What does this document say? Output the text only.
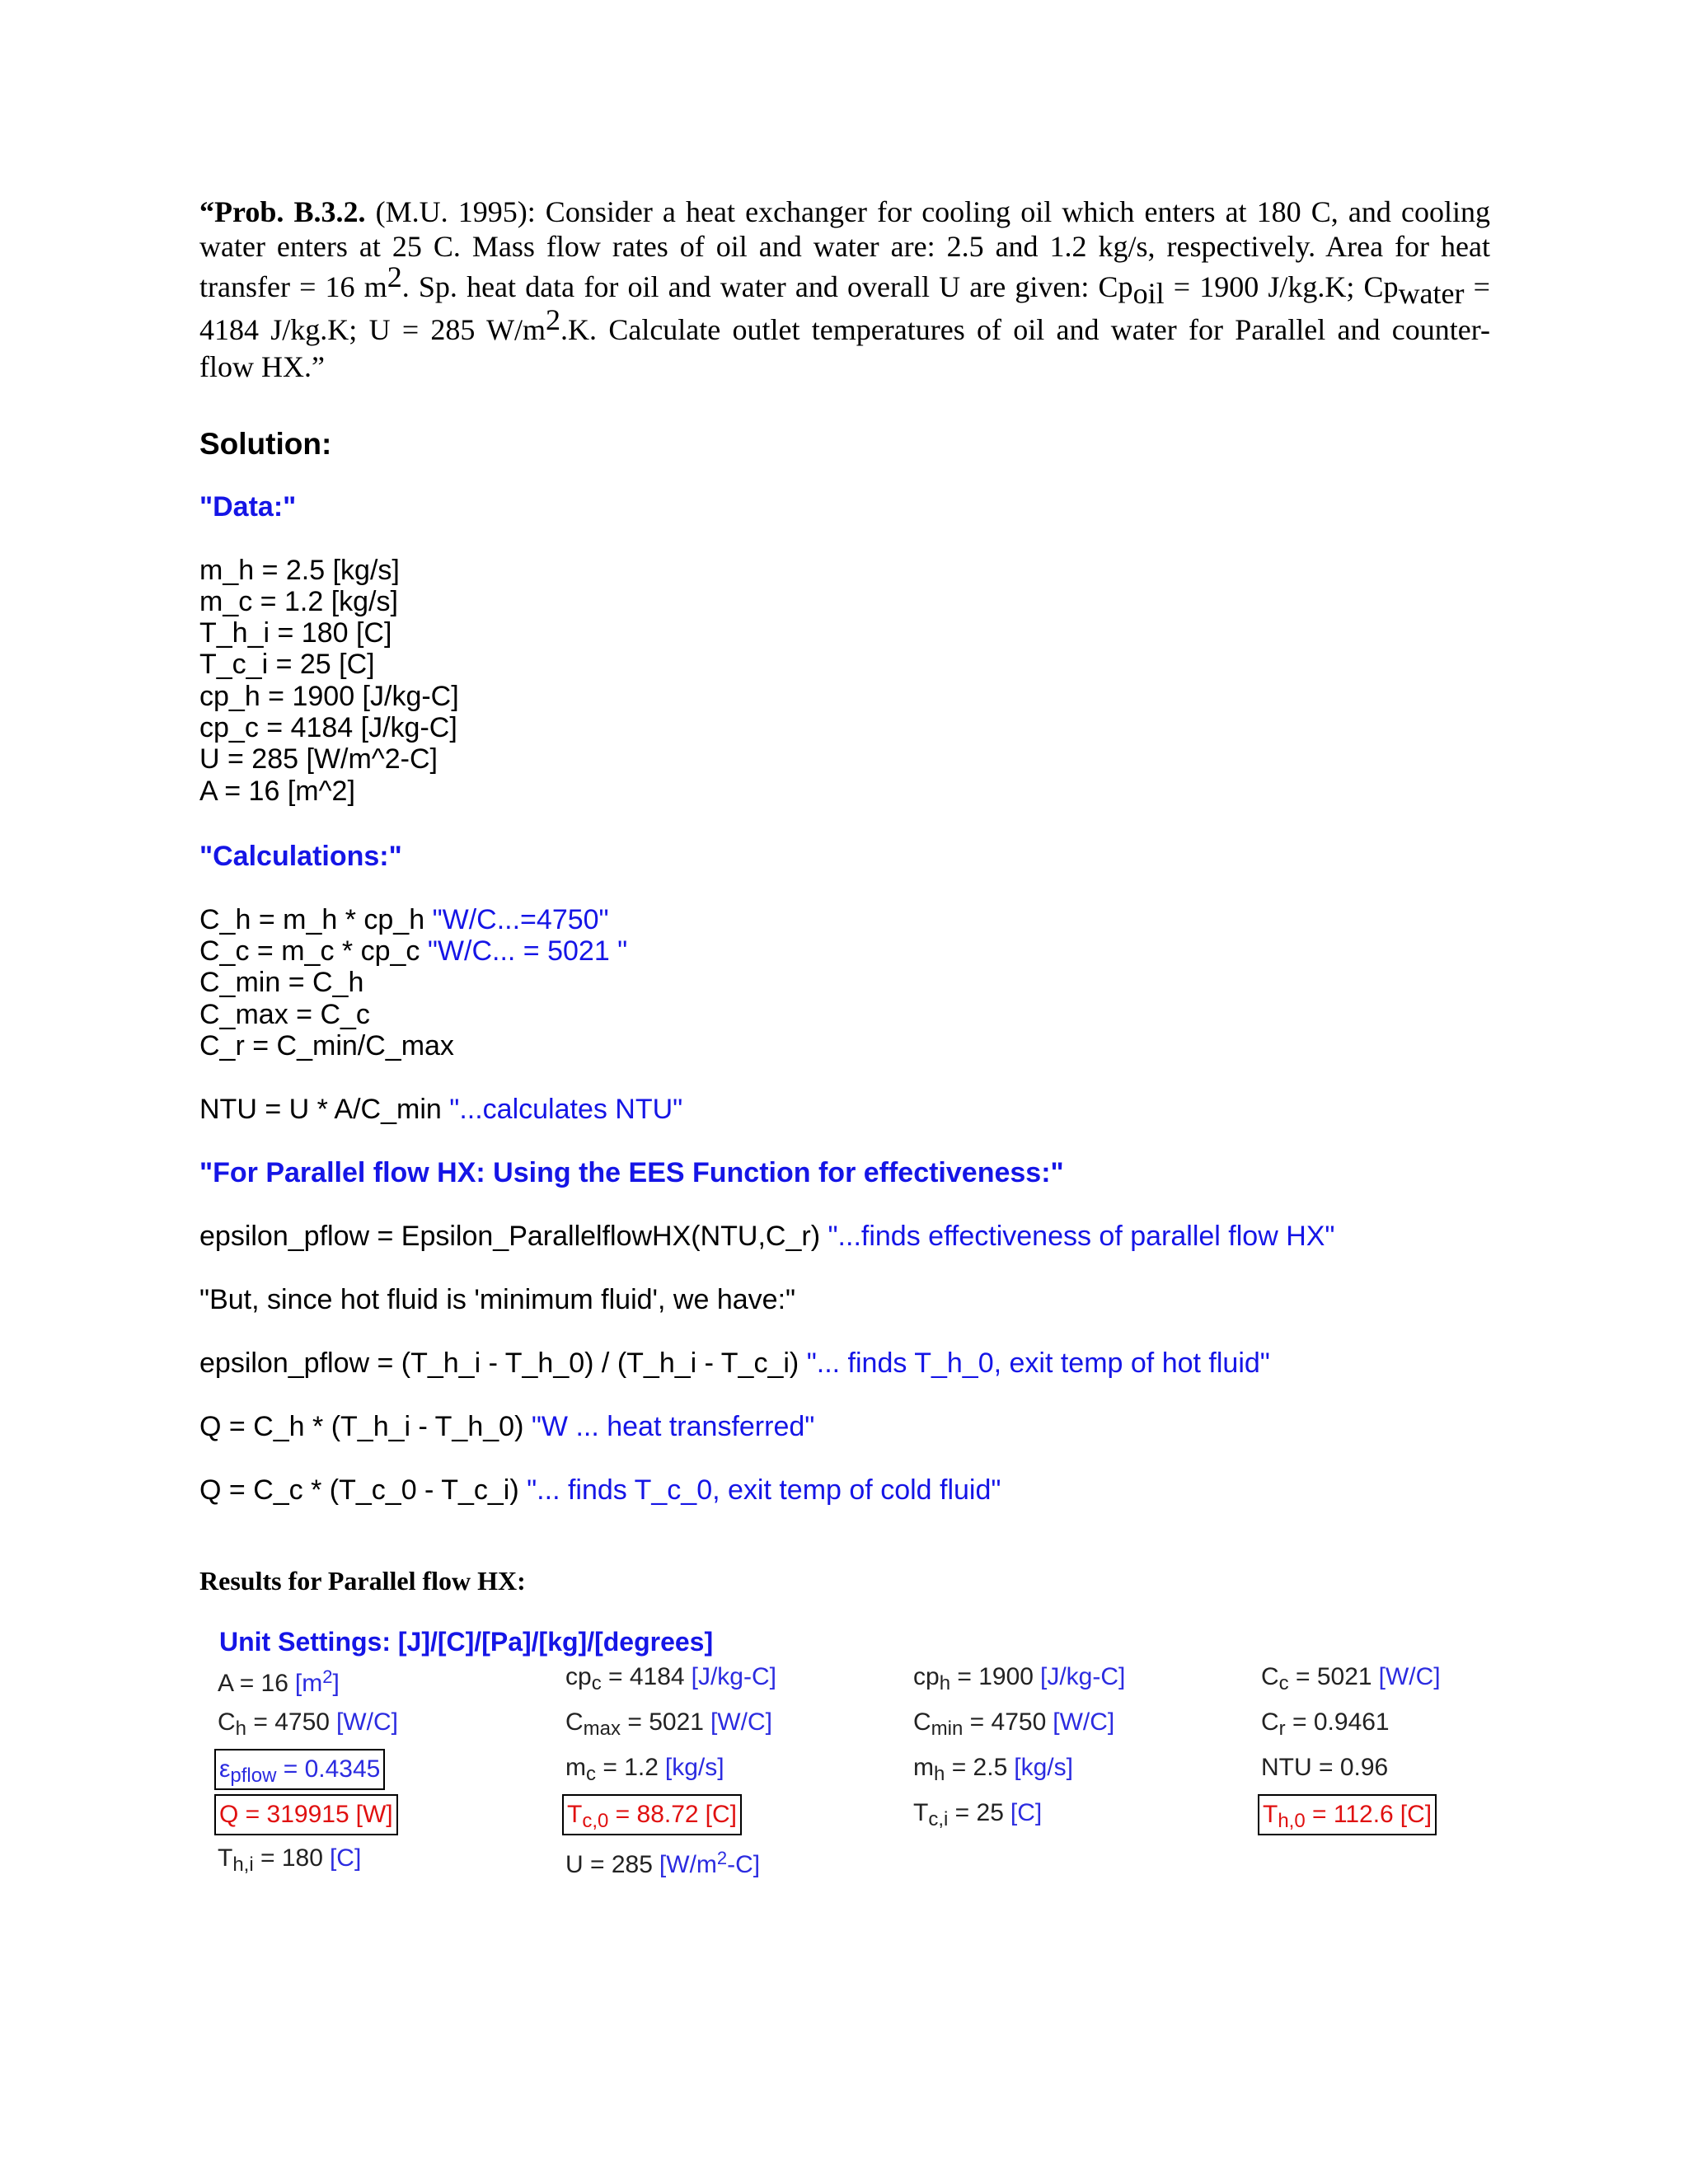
“Prob. B.3.2. (M.U. 1995): Consider a heat exchanger for cooling oil which enters at 180 C, and cooling
water enters at 25 C. Mass flow rates of oil and water are: 2.5 and 1.2 kg/s, respectively. Area for heat
transfer = 16 $m^2$. Sp. heat data for oil and water and overall U are given: $Cp_{oil} = 1900$ J/kg.K; $Cp_{water}$ =
4184 J/kg.K; U = 285 $W/m^2.K$. Calculate outlet temperatures of oil and water for Parallel and counter-
flow HX.”
Solution:
"Data:"
m_h = 2.5 [kg/s]
m_c = 1.2 [kg/s]
T_h_i = 180 [C]
T_c_i = 25 [C]
cp_h = 1900 [J/kg-C]
cp_c = 4184 [J/kg-C]
U = 285 [W/m^2-C]
A = 16 [m^2]
"Calculations:"
C_h = m_h * cp_h "W/C...=4750"
C_c = m_c * cp_c "W/C... = 5021 "
C_min = C_h
C_max = C_c
C_r = C_min/C_max
NTU = U * A/C_min "...calculates NTU"
"For Parallel flow HX: Using the EES Function for effectiveness:"
epsilon_pflow = Epsilon_ParallelflowHX(NTU,C_r) "...finds effectiveness of parallel flow HX"
"But, since hot fluid is 'minimum fluid', we have:"
epsilon_pflow = (T_h_i - T_h_0) / (T_h_i - T_c_i) "... finds T_h_0, exit temp of hot fluid"
Q = C_h * (T_h_i - T_h_0) "W ... heat transferred"
Q = C_c * (T_c_0 - T_c_i) "... finds T_c_0, exit temp of cold fluid"
Results for Parallel flow HX:
Unit Settings: [J]/[C]/[Pa]/[kg]/[degrees]
A = 16 $[m^2]$	$cp_c = 4184$ [J/kg-C]	$cp_h = 1900$ [J/kg-C]	$C_c = 5021$ [W/C]
$C_h = 4750$ [W/C]	$C_{max} = 5021$ [W/C]	$C_{min} = 4750$ [W/C]	$C_r = 0.9461$
$\varepsilon_{pflow} = 0.4345$	$m_c = 1.2$ [kg/s]	$m_h = 2.5$ [kg/s]	NTU = 0.96
Q = 319915 [W]	$T_{c,0} = 88.72$ [C]	$T_{c,i} = 25$ [C]	$T_{h,0} = 112.6$ [C]
$T_{h,i} = 180$ [C]	U = 285 $[W/m^2-C]$
